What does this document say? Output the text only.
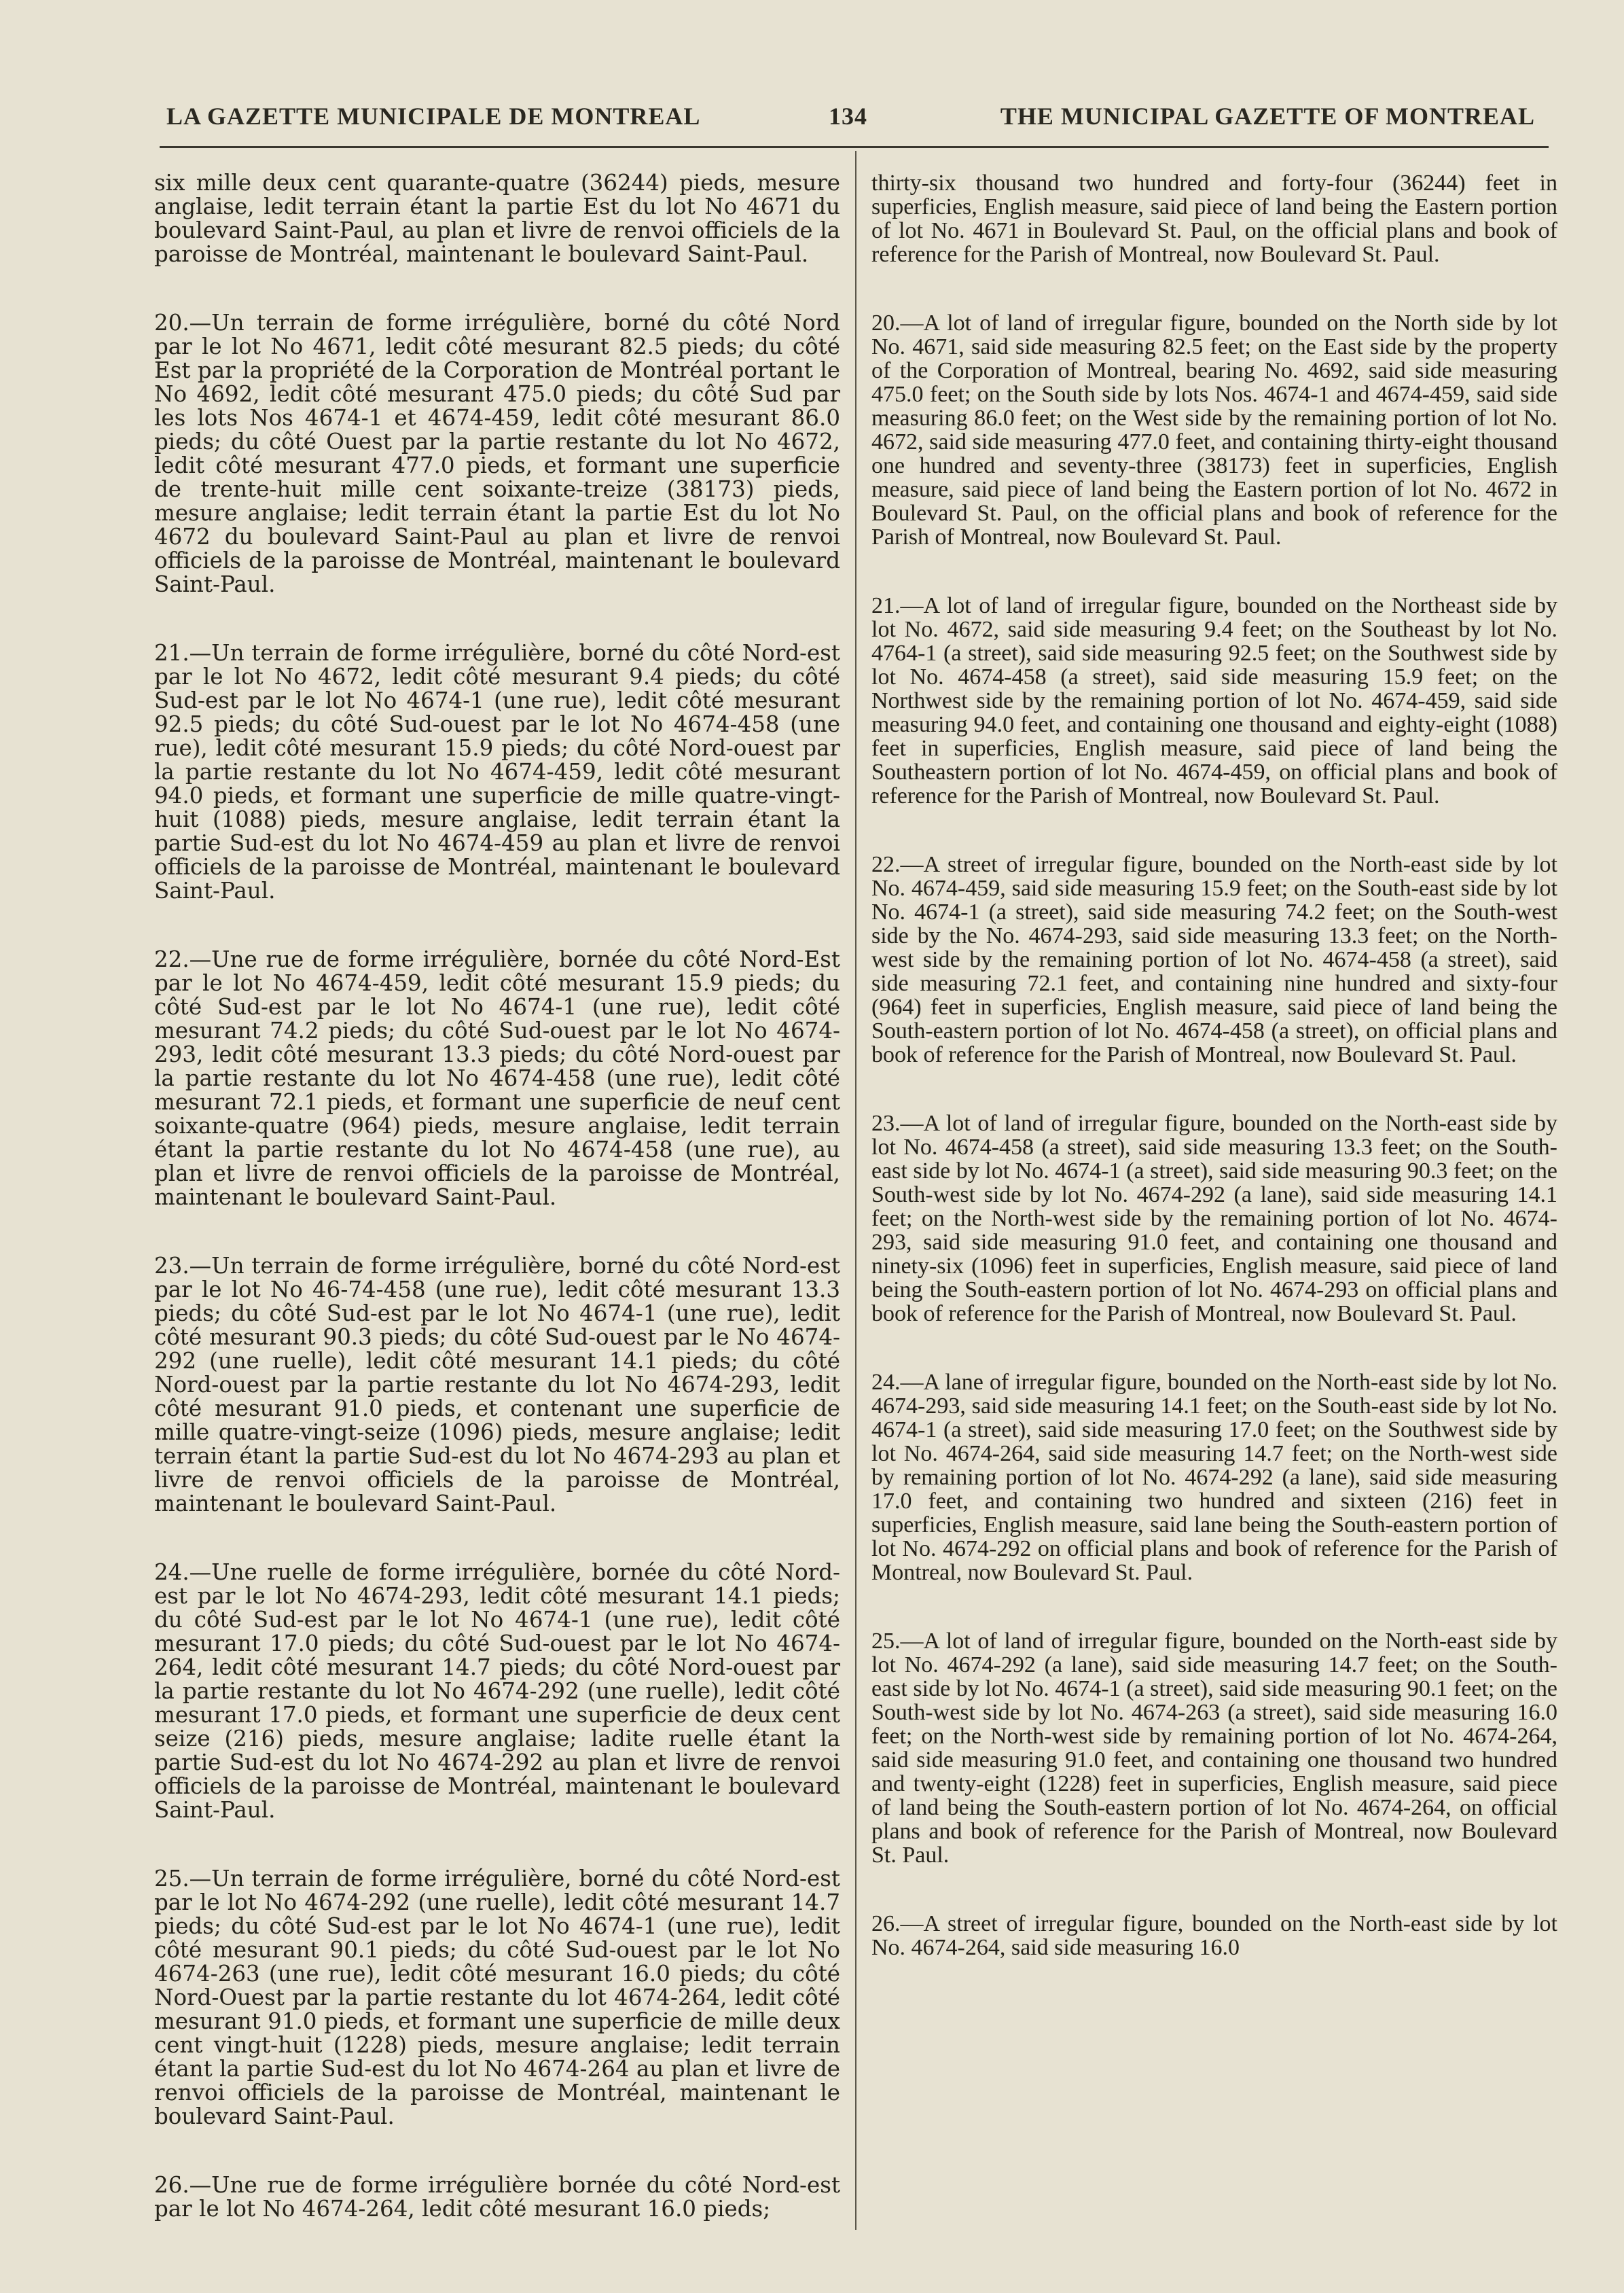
LA GAZETTE MUNICIPALE DE MONTREAL	134	THE MUNICIPAL GAZETTE OF MONTREAL

six mille deux cent quarante-quatre (36244) pieds, mesure anglaise, ledit terrain étant la partie Est du lot No 4671 du boulevard Saint-Paul, au plan et livre de renvoi officiels de la paroisse de Montréal, maintenant le boulevard Saint-Paul.

20.—Un terrain de forme irrégulière, borné du côté Nord par le lot No 4671, ledit côté mesurant 82.5 pieds; du côté Est par la propriété de la Corporation de Montréal portant le No 4692, ledit côté mesurant 475.0 pieds; du côté Sud par les lots Nos 4674-1 et 4674-459, ledit côté mesurant 86.0 pieds; du côté Ouest par la partie restante du lot No 4672, ledit côté mesurant 477.0 pieds, et formant une superficie de trente-huit mille cent soixante-treize (38173) pieds, mesure anglaise; ledit terrain étant la partie Est du lot No 4672 du boulevard Saint-Paul au plan et livre de renvoi officiels de la paroisse de Montréal, maintenant le boulevard Saint-Paul.

21.—Un terrain de forme irrégulière, borné du côté Nord-est par le lot No 4672, ledit côté mesurant 9.4 pieds; du côté Sud-est par le lot No 4674-1 (une rue), ledit côté mesurant 92.5 pieds; du côté Sud-ouest par le lot No 4674-458 (une rue), ledit côté mesurant 15.9 pieds; du côté Nord-ouest par la partie restante du lot No 4674-459, ledit côté mesurant 94.0 pieds, et formant une superficie de mille quatre-vingt-huit (1088) pieds, mesure anglaise, ledit terrain étant la partie Sud-est du lot No 4674-459 au plan et livre de renvoi officiels de la paroisse de Montréal, maintenant le boulevard Saint-Paul.

22.—Une rue de forme irrégulière, bornée du côté Nord-Est par le lot No 4674-459, ledit côté mesurant 15.9 pieds; du côté Sud-est par le lot No 4674-1 (une rue), ledit côté mesurant 74.2 pieds; du côté Sud-ouest par le lot No 4674-293, ledit côté mesurant 13.3 pieds; du côté Nord-ouest par la partie restante du lot No 4674-458 (une rue), ledit côté mesurant 72.1 pieds, et formant une superficie de neuf cent soixante-quatre (964) pieds, mesure anglaise, ledit terrain étant la partie restante du lot No 4674-458 (une rue), au plan et livre de renvoi officiels de la paroisse de Montréal, maintenant le boulevard Saint-Paul.

23.—Un terrain de forme irrégulière, borné du côté Nord-est par le lot No 46-74-458 (une rue), ledit côté mesurant 13.3 pieds; du côté Sud-est par le lot No 4674-1 (une rue), ledit côté mesurant 90.3 pieds; du côté Sud-ouest par le No 4674-292 (une ruelle), ledit côté mesurant 14.1 pieds; du côté Nord-ouest par la partie restante du lot No 4674-293, ledit côté mesurant 91.0 pieds, et contenant une superficie de mille quatre-vingt-seize (1096) pieds, mesure anglaise; ledit terrain étant la partie Sud-est du lot No 4674-293 au plan et livre de renvoi officiels de la paroisse de Montréal, maintenant le boulevard Saint-Paul.

24.—Une ruelle de forme irrégulière, bornée du côté Nord-est par le lot No 4674-293, ledit côté mesurant 14.1 pieds; du côté Sud-est par le lot No 4674-1 (une rue), ledit côté mesurant 17.0 pieds; du côté Sud-ouest par le lot No 4674-264, ledit côté mesurant 14.7 pieds; du côté Nord-ouest par la partie restante du lot No 4674-292 (une ruelle), ledit côté mesurant 17.0 pieds, et formant une superficie de deux cent seize (216) pieds, mesure anglaise; ladite ruelle étant la partie Sud-est du lot No 4674-292 au plan et livre de renvoi officiels de la paroisse de Montréal, maintenant le boulevard Saint-Paul.

25.—Un terrain de forme irrégulière, borné du côté Nord-est par le lot No 4674-292 (une ruelle), ledit côté mesurant 14.7 pieds; du côté Sud-est par le lot No 4674-1 (une rue), ledit côté mesurant 90.1 pieds; du côté Sud-ouest par le lot No 4674-263 (une rue), ledit côté mesurant 16.0 pieds; du côté Nord-Ouest par la partie restante du lot 4674-264, ledit côté mesurant 91.0 pieds, et formant une superficie de mille deux cent vingt-huit (1228) pieds, mesure anglaise; ledit terrain étant la partie Sud-est du lot No 4674-264 au plan et livre de renvoi officiels de la paroisse de Montréal, maintenant le boulevard Saint-Paul.

26.—Une rue de forme irrégulière bornée du côté Nord-est par le lot No 4674-264, ledit côté mesurant 16.0 pieds;

thirty-six thousand two hundred and forty-four (36244) feet in superficies, English measure, said piece of land being the Eastern portion of lot No. 4671 in Boulevard St. Paul, on the official plans and book of reference for the Parish of Montreal, now Boulevard St. Paul.

20.—A lot of land of irregular figure, bounded on the North side by lot No. 4671, said side measuring 82.5 feet; on the East side by the property of the Corporation of Montreal, bearing No. 4692, said side measuring 475.0 feet; on the South side by lots Nos. 4674-1 and 4674-459, said side measuring 86.0 feet; on the West side by the remaining portion of lot No. 4672, said side measuring 477.0 feet, and containing thirty-eight thousand one hundred and seventy-three (38173) feet in superficies, English measure, said piece of land being the Eastern portion of lot No. 4672 in Boulevard St. Paul, on the official plans and book of reference for the Parish of Montreal, now Boulevard St. Paul.

21.—A lot of land of irregular figure, bounded on the Northeast side by lot No. 4672, said side measuring 9.4 feet; on the Southeast by lot No. 4764-1 (a street), said side measuring 92.5 feet; on the Southwest side by lot No. 4674-458 (a street), said side measuring 15.9 feet; on the Northwest side by the remaining portion of lot No. 4674-459, said side measuring 94.0 feet, and containing one thousand and eighty-eight (1088) feet in superficies, English measure, said piece of land being the Southeastern portion of lot No. 4674-459, on official plans and book of reference for the Parish of Montreal, now Boulevard St. Paul.

22.—A street of irregular figure, bounded on the North-east side by lot No. 4674-459, said side measuring 15.9 feet; on the South-east side by lot No. 4674-1 (a street), said side measuring 74.2 feet; on the South-west side by the No. 4674-293, said side measuring 13.3 feet; on the North-west side by the remaining portion of lot No. 4674-458 (a street), said side measuring 72.1 feet, and containing nine hundred and sixty-four (964) feet in superficies, English measure, said piece of land being the South-eastern portion of lot No. 4674-458 (a street), on official plans and book of reference for the Parish of Montreal, now Boulevard St. Paul.

23.—A lot of land of irregular figure, bounded on the North-east side by lot No. 4674-458 (a street), said side measuring 13.3 feet; on the South-east side by lot No. 4674-1 (a street), said side measuring 90.3 feet; on the South-west side by lot No. 4674-292 (a lane), said side measuring 14.1 feet; on the North-west side by the remaining portion of lot No. 4674-293, said side measuring 91.0 feet, and containing one thousand and ninety-six (1096) feet in superficies, English measure, said piece of land being the South-eastern portion of lot No. 4674-293 on official plans and book of reference for the Parish of Montreal, now Boulevard St. Paul.

24.—A lane of irregular figure, bounded on the North-east side by lot No. 4674-293, said side measuring 14.1 feet; on the South-east side by lot No. 4674-1 (a street), said side measuring 17.0 feet; on the Southwest side by lot No. 4674-264, said side measuring 14.7 feet; on the North-west side by remaining portion of lot No. 4674-292 (a lane), said side measuring 17.0 feet, and containing two hundred and sixteen (216) feet in superficies, English measure, said lane being the South-eastern portion of lot No. 4674-292 on official plans and book of reference for the Parish of Montreal, now Boulevard St. Paul.

25.—A lot of land of irregular figure, bounded on the North-east side by lot No. 4674-292 (a lane), said side measuring 14.7 feet; on the South-east side by lot No. 4674-1 (a street), said side measuring 90.1 feet; on the South-west side by lot No. 4674-263 (a street), said side measuring 16.0 feet; on the North-west side by remaining portion of lot No. 4674-264, said side measuring 91.0 feet, and containing one thousand two hundred and twenty-eight (1228) feet in superficies, English measure, said piece of land being the South-eastern portion of lot No. 4674-264, on official plans and book of reference for the Parish of Montreal, now Boulevard St. Paul.

26.—A street of irregular figure, bounded on the North-east side by lot No. 4674-264, said side measuring 16.0
